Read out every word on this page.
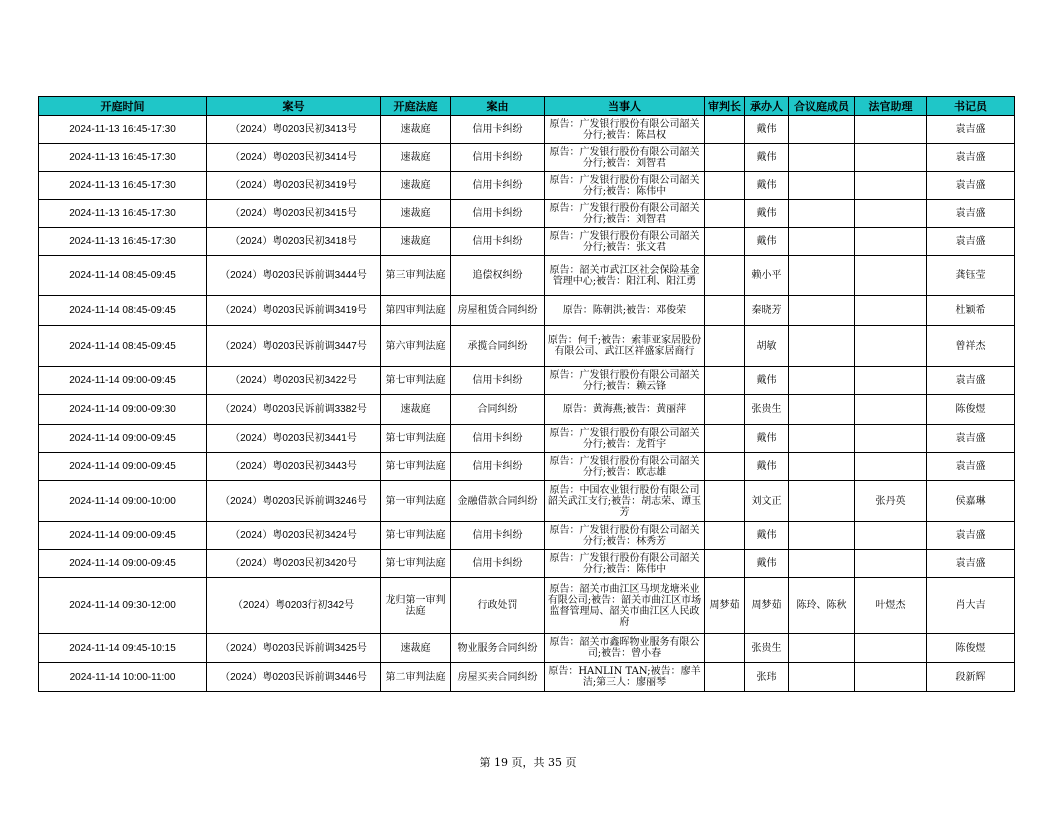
开庭时间	案号	开庭法庭	案由	当事人	审判长	承办人	合议庭成员	法官助理	书记员
2024-11-13 16:45-17:30	（2024）粤0203民初3413号	速裁庭	信用卡纠纷	原告：广发银行股份有限公司韶关分行;被告：陈昌权		戴伟			袁吉盛
2024-11-13 16:45-17:30	（2024）粤0203民初3414号	速裁庭	信用卡纠纷	原告：广发银行股份有限公司韶关分行;被告：刘智君		戴伟			袁吉盛
2024-11-13 16:45-17:30	（2024）粤0203民初3419号	速裁庭	信用卡纠纷	原告：广发银行股份有限公司韶关分行;被告：陈伟中		戴伟			袁吉盛
2024-11-13 16:45-17:30	（2024）粤0203民初3415号	速裁庭	信用卡纠纷	原告：广发银行股份有限公司韶关分行;被告：刘智君		戴伟			袁吉盛
2024-11-13 16:45-17:30	（2024）粤0203民初3418号	速裁庭	信用卡纠纷	原告：广发银行股份有限公司韶关分行;被告：张文君		戴伟			袁吉盛
2024-11-14 08:45-09:45	（2024）粤0203民诉前调3444号	第三审判法庭	追偿权纠纷	原告：韶关市武江区社会保险基金管理中心;被告：阳江利、阳江勇		赖小平			龚钰莹
2024-11-14 08:45-09:45	（2024）粤0203民诉前调3419号	第四审判法庭	房屋租赁合同纠纷	原告：陈朝洪;被告：邓俊荣		秦晓芳			杜颖希
2024-11-14 08:45-09:45	（2024）粤0203民诉前调3447号	第六审判法庭	承揽合同纠纷	原告：何千;被告：索菲亚家居股份有限公司、武江区祥盛家居商行		胡敏			曾祥杰
2024-11-14 09:00-09:45	（2024）粤0203民初3422号	第七审判法庭	信用卡纠纷	原告：广发银行股份有限公司韶关分行;被告：赖云锋		戴伟			袁吉盛
2024-11-14 09:00-09:30	（2024）粤0203民诉前调3382号	速裁庭	合同纠纷	原告：黄海燕;被告：黄丽萍		张贵生			陈俊煜
2024-11-14 09:00-09:45	（2024）粤0203民初3441号	第七审判法庭	信用卡纠纷	原告：广发银行股份有限公司韶关分行;被告：龙哲宇		戴伟			袁吉盛
2024-11-14 09:00-09:45	（2024）粤0203民初3443号	第七审判法庭	信用卡纠纷	原告：广发银行股份有限公司韶关分行;被告：欧志雄		戴伟			袁吉盛
2024-11-14 09:00-10:00	（2024）粤0203民诉前调3246号	第一审判法庭	金融借款合同纠纷	原告：中国农业银行股份有限公司韶关武江支行;被告：胡志荣、谭玉芳		刘文正		张丹英	侯嘉琳
2024-11-14 09:00-09:45	（2024）粤0203民初3424号	第七审判法庭	信用卡纠纷	原告：广发银行股份有限公司韶关分行;被告：林秀芳		戴伟			袁吉盛
2024-11-14 09:00-09:45	（2024）粤0203民初3420号	第七审判法庭	信用卡纠纷	原告：广发银行股份有限公司韶关分行;被告：陈伟中		戴伟			袁吉盛
2024-11-14 09:30-12:00	（2024）粤0203行初342号	龙归第一审判法庭	行政处罚	原告：韶关市曲江区马坝龙塘米业有限公司;被告：韶关市曲江区市场监督管理局、韶关市曲江区人民政府	周梦茹	周梦茹	陈玲、陈秋	叶煜杰	肖大吉
2024-11-14 09:45-10:15	（2024）粤0203民诉前调3425号	速裁庭	物业服务合同纠纷	原告：韶关市鑫晖物业服务有限公司;被告：曾小春		张贵生			陈俊煜
2024-11-14 10:00-11:00	（2024）粤0203民诉前调3446号	第二审判法庭	房屋买卖合同纠纷	原告：HANLIN TAN;被告：廖羊洁;第三人：廖丽琴		张玮			段新辉
第 19 页，共 35 页
